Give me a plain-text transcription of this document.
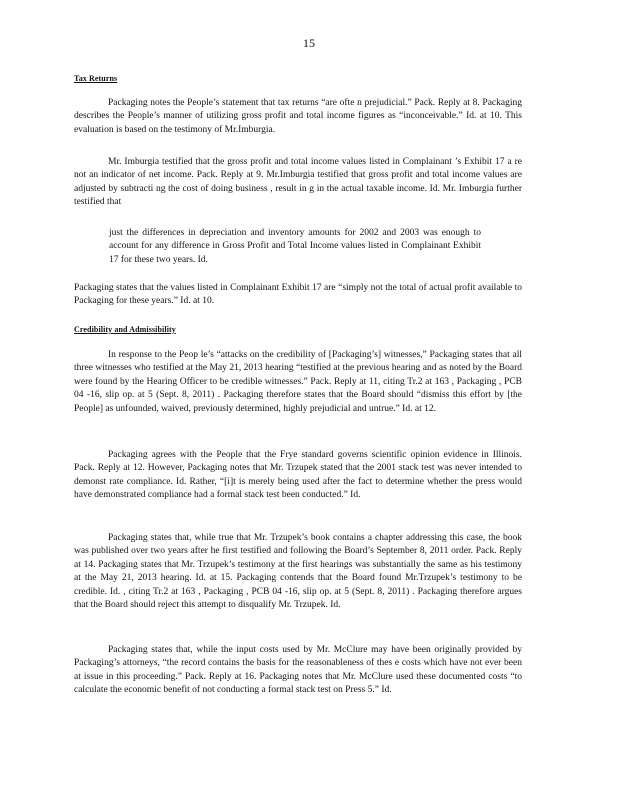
15
Tax Returns
Packaging notes the People’s statement that tax returns “are ofte n prejudicial.” Pack. Reply at 8. Packaging describes the People’s manner of utilizing gross profit and total income figures as “inconceivable.” Id. at 10. This evaluation is based on the testimony of Mr.Imburgia.
Mr. Imburgia testified that the gross profit and total income values listed in Complainant ’s Exhibit 17 a re not an indicator of net income. Pack. Reply at 9. Mr.Imburgia testified that gross profit and total income values are adjusted by subtracti ng the cost of doing business , result in g in the actual taxable income. Id. Mr. Imburgia further testified that
just the differences in depreciation and inventory amounts for 2002 and 2003 was enough to account for any difference in Gross Profit and Total Income values listed in Complainant Exhibit 17 for these two years. Id.
Packaging states that the values listed in Complainant Exhibit 17 are “simply not the total of actual profit available to Packaging for these years.” Id. at 10.
Credibility and Admissibility
In response to the Peop le’s “attacks on the credibility of [Packaging’s] witnesses,” Packaging states that all three witnesses who testified at the May 21, 2013 hearing “testified at the previous hearing and as noted by the Board were found by the Hearing Officer to be credible witnesses.” Pack. Reply at 11, citing Tr.2 at 163 , Packaging , PCB 04 -16, slip op. at 5 (Sept. 8, 2011) . Packaging therefore states that the Board should “dismiss this effort by [the People] as unfounded, waived, previously determined, highly prejudicial and untrue.” Id. at 12.
Packaging agrees with the People that the Frye standard governs scientific opinion evidence in Illinois. Pack. Reply at 12. However, Packaging notes that Mr. Trzupek stated that the 2001 stack test was never intended to demonst rate compliance. Id. Rather, “[i]t is merely being used after the fact to determine whether the press would have demonstrated compliance had a formal stack test been conducted.” Id.
Packaging states that, while true that Mr. Trzupek’s book contains a chapter addressing this case, the book was published over two years after he first testified and following the Board’s September 8, 2011 order. Pack. Reply at 14. Packaging states that Mr. Trzupek’s testimony at the first hearings was substantially the same as his testimony at the May 21, 2013 hearing. Id. at 15. Packaging contends that the Board found Mr.Trzupek’s testimony to be credible. Id. , citing Tr.2 at 163 , Packaging , PCB 04 -16, slip op. at 5 (Sept. 8, 2011) . Packaging therefore argues that the Board should reject this attempt to disqualify Mr. Trzupek. Id.
Packaging states that, while the input costs used by Mr. McClure may have been originally provided by Packaging’s attorneys, “the record contains the basis for the reasonableness of thes e costs which have not ever been at issue in this proceeding.” Pack. Reply at 16. Packaging notes that Mr. McClure used these documented costs “to calculate the economic benefit of not conducting a formal stack test on Press 5.” Id.
